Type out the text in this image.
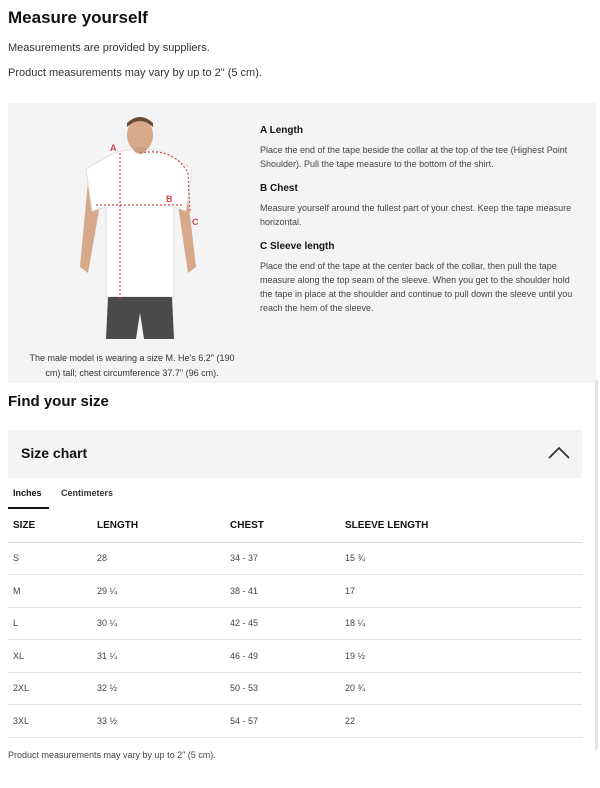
Measure yourself

Measurements are provided by suppliers.

Product measurements may vary by up to 2" (5 cm).

A
B
C

The male model is wearing a size M. He's 6.2" (190 cm) tall; chest circumference 37.7" (96 cm).

A Length

Place the end of the tape beside the collar at the top of the tee (Highest Point Shoulder). Pull the tape measure to the bottom of the shirt.

B Chest

Measure yourself around the fullest part of your chest. Keep the tape measure horizontal.

C Sleeve length

Place the end of the tape at the center back of the collar, then pull the tape measure along the top seam of the sleeve. When you get to the shoulder hold the tape in place at the shoulder and continue to pull down the sleeve until you reach the hem of the sleeve.

Find your size
Size chart
Inches Centimeters
SIZE	LENGTH	CHEST	SLEEVE LENGTH
S	28	34 - 37	15 ¾
M	29 ¼	38 - 41	17
L	30 ¼	42 - 45	18 ¼
XL	31 ¼	46 - 49	19 ½
2XL	32 ½	50 - 53	20 ¾
3XL	33 ½	54 - 57	22

Product measurements may vary by up to 2" (5 cm).
